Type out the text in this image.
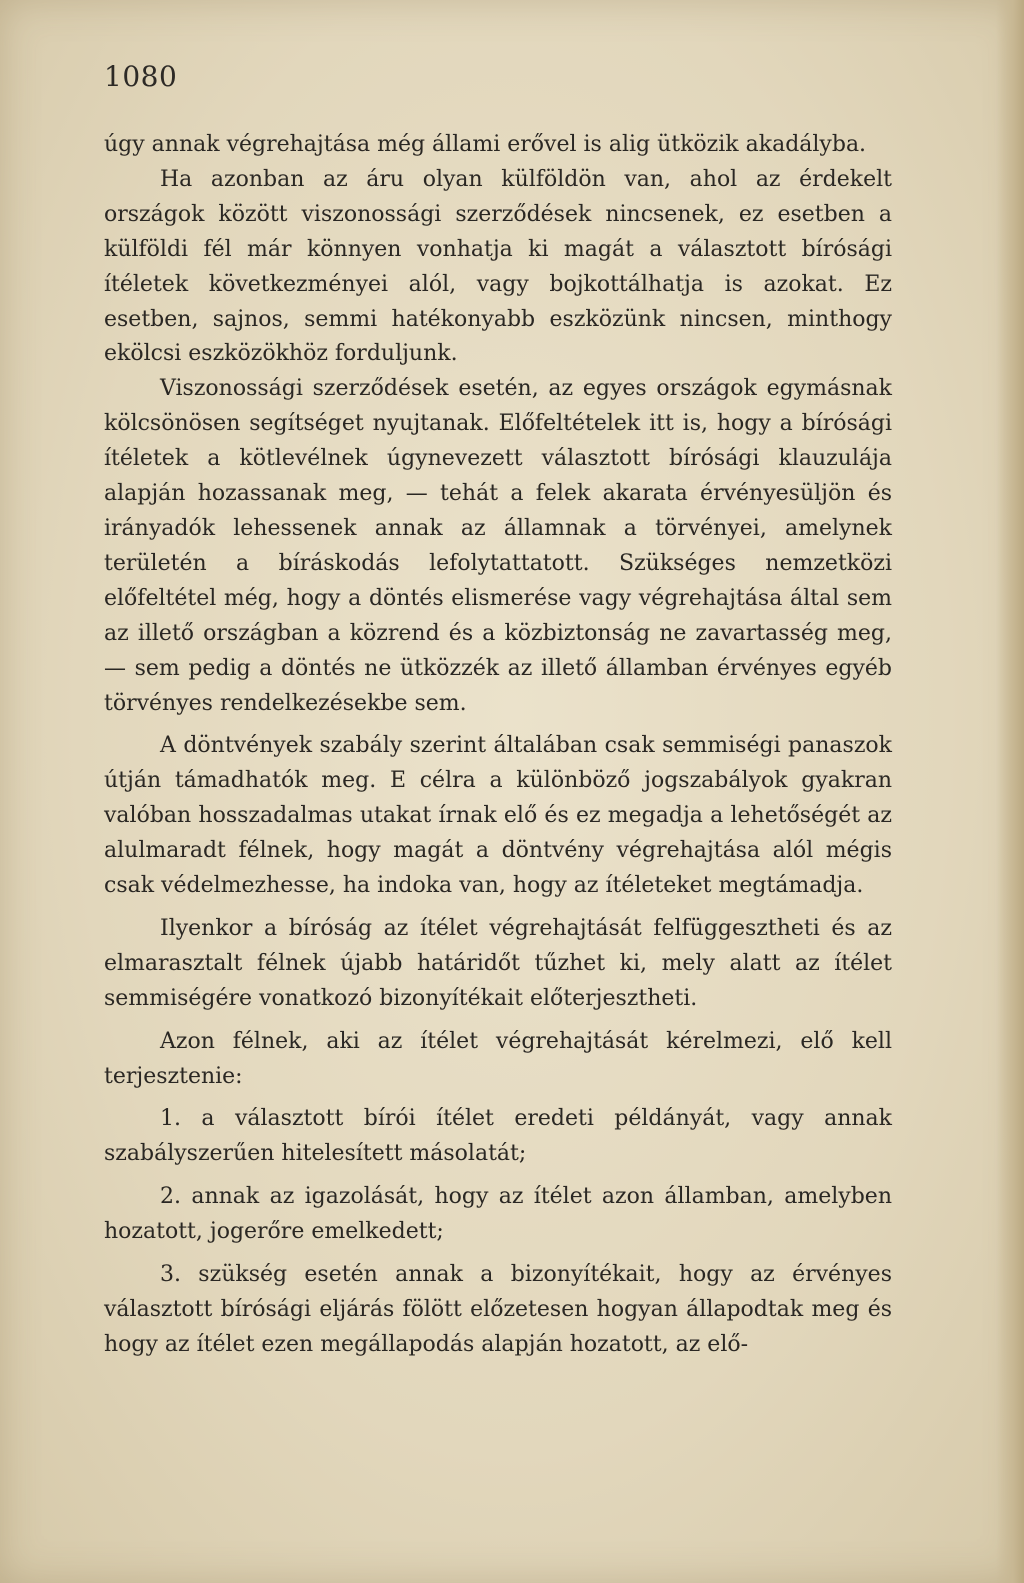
1080

úgy annak végrehajtása még állami erővel is alig ütközik akadályba.

Ha azonban az áru olyan külföldön van, ahol az érdekelt országok között viszonossági szerződések nincsenek, ez esetben a külföldi fél már könnyen vonhatja ki magát a választott bírósági ítéletek következményei alól, vagy bojkottálhatja is azokat. Ez esetben, sajnos, semmi hatékonyabb eszközünk nincsen, minthogy ekölcsi eszközökhöz forduljunk.

Viszonossági szerződések esetén, az egyes országok egymásnak kölcsönösen segítséget nyujtanak. Előfeltételek itt is, hogy a bírósági ítéletek a kötlevélnek úgynevezett választott bírósági klauzulája alapján hozassanak meg, — tehát a felek akarata érvényesüljön és irányadók lehessenek annak az államnak a törvényei, amelynek területén a bíráskodás lefolytattatott. Szükséges nemzetközi előfeltétel még, hogy a döntés elismerése vagy végrehajtása által sem az illető országban a közrend és a közbiztonság ne zavartasség meg, — sem pedig a döntés ne ütközzék az illető államban érvényes egyéb törvényes rendelkezésekbe sem.

A döntvények szabály szerint általában csak semmiségi panaszok útján támadhatók meg. E célra a különböző jogszabályok gyakran valóban hosszadalmas utakat írnak elő és ez megadja a lehetőségét az alulmaradt félnek, hogy magát a döntvény végrehajtása alól mégis csak védelmezhesse, ha indoka van, hogy az ítéleteket megtámadja.

Ilyenkor a bíróság az ítélet végrehajtását felfüggesztheti és az elmarasztalt félnek újabb határidőt tűzhet ki, mely alatt az ítélet semmiségére vonatkozó bizonyítékait előterjesztheti.

Azon félnek, aki az ítélet végrehajtását kérelmezi, elő kell terjesztenie:

1. a választott bírói ítélet eredeti példányát, vagy annak szabályszerűen hitelesített másolatát;

2. annak az igazolását, hogy az ítélet azon államban, amelyben hozatott, jogerőre emelkedett;

3. szükség esetén annak a bizonyítékait, hogy az érvényes választott bírósági eljárás fölött előzetesen hogyan állapodtak meg és hogy az ítélet ezen megállapodás alapján hozatott, az elő-
